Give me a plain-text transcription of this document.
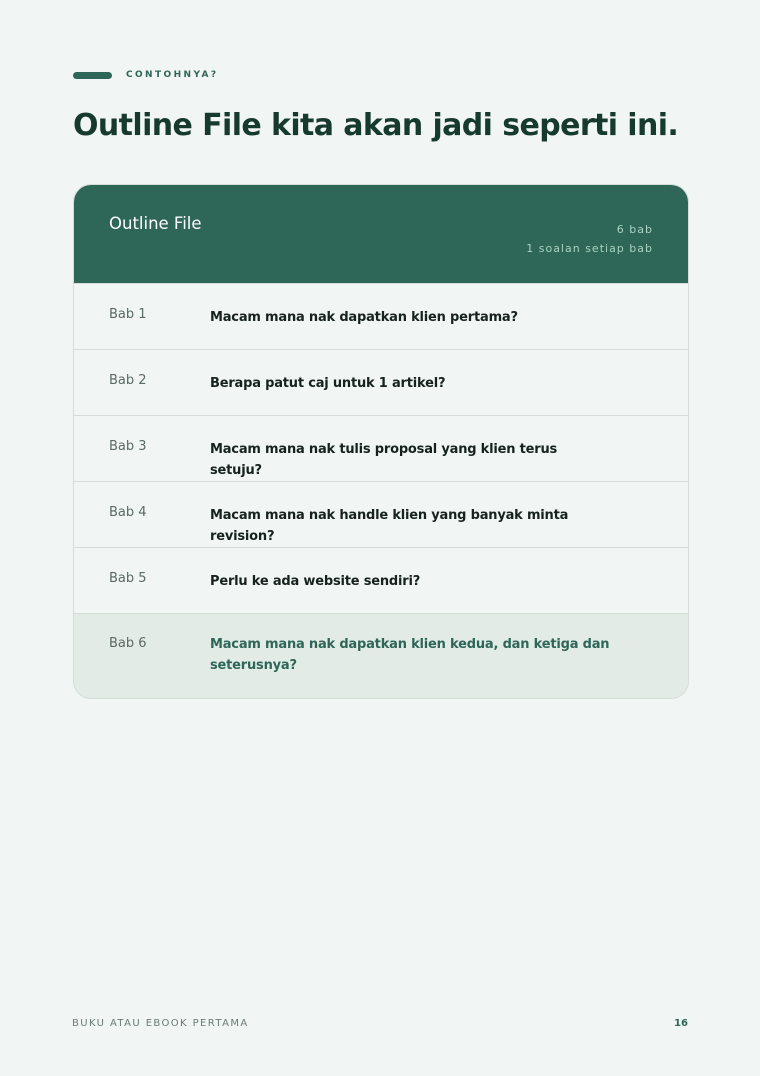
CONTOHNYA?
Outline File kita akan jadi seperti ini.
Outline File	6 bab
1 soalan setiap bab
Bab 1	Macam mana nak dapatkan klien pertama?
Bab 2	Berapa patut caj untuk 1 artikel?
Bab 3	Macam mana nak tulis proposal yang klien terus setuju?
Bab 4	Macam mana nak handle klien yang banyak minta revision?
Bab 5	Perlu ke ada website sendiri?
Bab 6	Macam mana nak dapatkan klien kedua, dan ketiga dan seterusnya?
BUKU ATAU EBOOK PERTAMA	16
